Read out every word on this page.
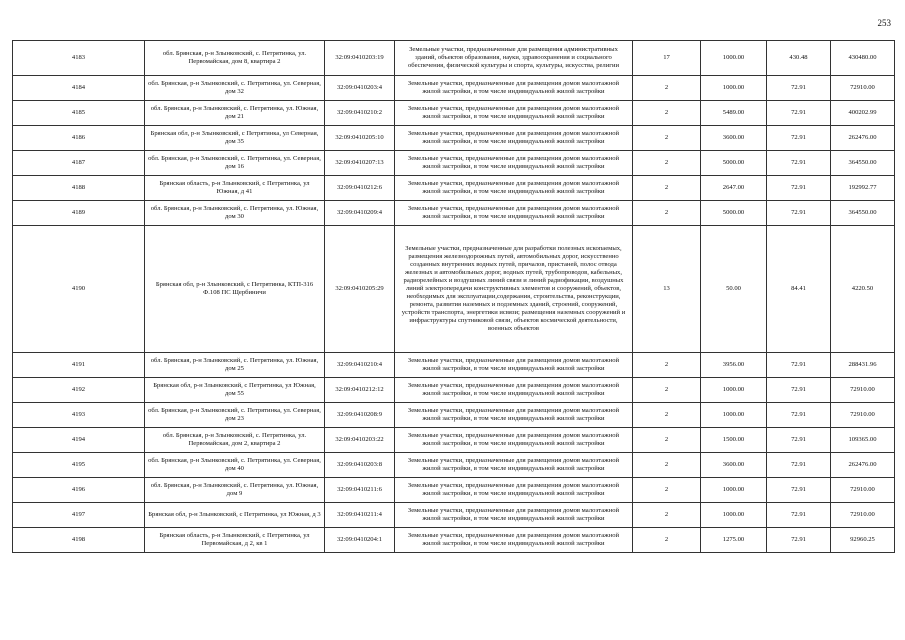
253
4183	обл. Брянская, р-н Злынковский, с. Петрятинка, ул. Первомайская, дом 8, квартира 2	32:09:0410203:19	Земельные участки, предназначенные для размещения административных зданий, объектов образования, науки, здравоохранения и социального обеспечения, физической культуры и спорта, культуры, искусства, религии	17	1000.00	430.48	430480.00
4184	обл. Брянская, р-н Злынковский, с. Петрятинка, ул. Северная, дом 32	32:09:0410203:4	Земельные участки, предназначенные для размещения домов малоэтажной жилой застройки, в том числе индивидуальной жилой застройки	2	1000.00	72.91	72910.00
4185	обл. Брянская, р-н Злынковский, с. Петрятинка, ул. Южная, дом 21	32:09:0410210:2	Земельные участки, предназначенные для размещения домов малоэтажной жилой застройки, в том числе индивидуальной жилой застройки	2	5489.00	72.91	400202.99
4186	Брянская обл, р-н Злынковский, с Петрятинка, ул Северная, дом 35	32:09:0410205:10	Земельные участки, предназначенные для размещения домов малоэтажной жилой застройки, в том числе индивидуальной жилой застройки	2	3600.00	72.91	262476.00
4187	обл. Брянская, р-н Злынковский, с. Петрятинка, ул. Северная, дом 16	32:09:0410207:13	Земельные участки, предназначенные для размещения домов малоэтажной жилой застройки, в том числе индивидуальной жилой застройки	2	5000.00	72.91	364550.00
4188	Брянская область, р-н Злынковский, с Петрятинка, ул Южная, д 41	32:09:0410212:6	Земельные участки, предназначенные для размещения домов малоэтажной жилой застройки, в том числе индивидуальной жилой застройки	2	2647.00	72.91	192992.77
4189	обл. Брянская, р-н Злынковский, с. Петрятинка, ул. Южная, дом 30	32:09:0410209:4	Земельные участки, предназначенные для размещения домов малоэтажной жилой застройки, в том числе индивидуальной жилой застройки	2	5000.00	72.91	364550.00
4190	Брянская обл, р-н Злынковский, с Петрятинка, КТП-316 Ф.108 ПС Щербиничи	32:09:0410205:29	Земельные участки, предназначенные для разработки полезных ископаемых, размещения железнодорожных путей, автомобильных дорог, искусственно созданных внутренних водных путей, причалов, пристаней, полос отвода железных и автомобильных дорог, водных путей, трубопроводов, кабельных, радиорелейных и воздушных линий связи и линий радиофикации, воздушных линий электропередачи конструктивных элементов и сооружений, объектов, необходимых для эксплуатации,содержания, строительства, реконструкции, ремонта, развития наземных и подземных зданий, строений, сооружений, устройств транспорта, энергетики исвязи; размещения наземных сооружений и инфраструктуры спутниковой связи, объектов космической деятельности, военных объектов	13	50.00	84.41	4220.50
4191	обл. Брянская, р-н Злынковский, с. Петрятинка, ул. Южная, дом 25	32:09:0410210:4	Земельные участки, предназначенные для размещения домов малоэтажной жилой застройки, в том числе индивидуальной жилой застройки	2	3956.00	72.91	288431.96
4192	Брянская обл, р-н Злынковский, с Петрятинка, ул Южная, дом 55	32:09:0410212:12	Земельные участки, предназначенные для размещения домов малоэтажной жилой застройки, в том числе индивидуальной жилой застройки	2	1000.00	72.91	72910.00
4193	обл. Брянская, р-н Злынковский, с. Петрятинка, ул. Северная, дом 23	32:09:0410208:9	Земельные участки, предназначенные для размещения домов малоэтажной жилой застройки, в том числе индивидуальной жилой застройки	2	1000.00	72.91	72910.00
4194	обл. Брянская, р-н Злынковский, с. Петрятинка, ул. Первомайская, дом 2, квартира 2	32:09:0410203:22	Земельные участки, предназначенные для размещения домов малоэтажной жилой застройки, в том числе индивидуальной жилой застройки	2	1500.00	72.91	109365.00
4195	обл. Брянская, р-н Злынковский, с. Петрятинка, ул. Северная, дом 40	32:09:0410203:8	Земельные участки, предназначенные для размещения домов малоэтажной жилой застройки, в том числе индивидуальной жилой застройки	2	3600.00	72.91	262476.00
4196	обл. Брянская, р-н Злынковский, с. Петрятинка, ул. Южная, дом 9	32:09:0410211:6	Земельные участки, предназначенные для размещения домов малоэтажной жилой застройки, в том числе индивидуальной жилой застройки	2	1000.00	72.91	72910.00
4197	Брянская обл, р-н Злынковский, с Петрятинка, ул Южная, д 3	32:09:0410211:4	Земельные участки, предназначенные для размещения домов малоэтажной жилой застройки, в том числе индивидуальной жилой застройки	2	1000.00	72.91	72910.00
4198	Брянская область, р-н Злынковский, с Петрятинка, ул Первомайская, д 2, кв 1	32:09:0410204:1	Земельные участки, предназначенные для размещения домов малоэтажной жилой застройки, в том числе индивидуальной жилой застройки	2	1275.00	72.91	92960.25
